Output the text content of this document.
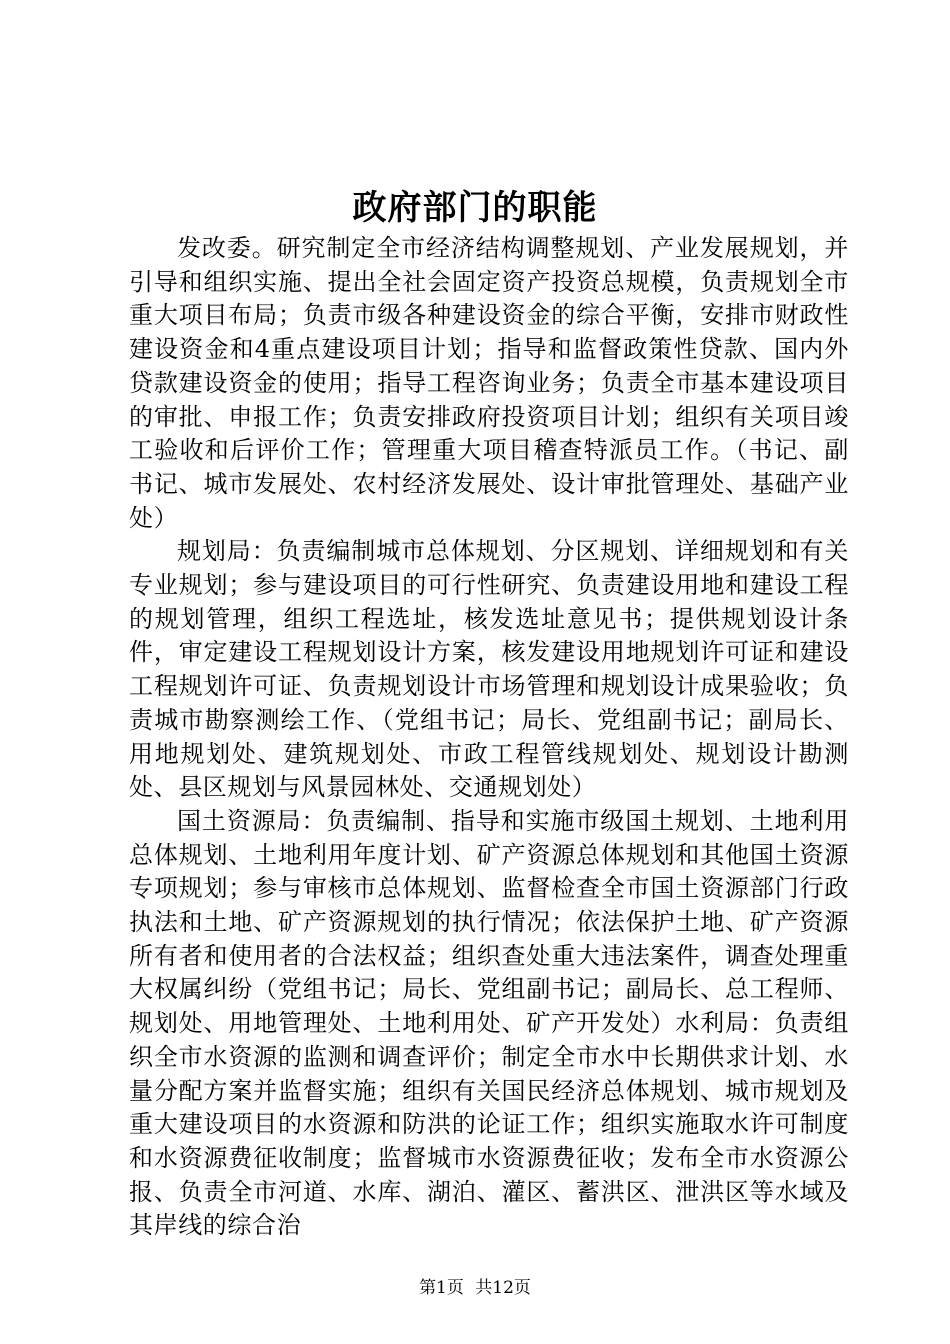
政府部门的职能

发改委。研究制定全市经济结构调整规划、产业发展规划，并引导和组织实施、提出全社会固定资产投资总规模，负责规划全市重大项目布局；负责市级各种建设资金的综合平衡，安排市财政性建设资金和4重点建设项目计划；指导和监督政策性贷款、国内外贷款建设资金的使用；指导工程咨询业务；负责全市基本建设项目的审批、申报工作；负责安排政府投资项目计划；组织有关项目竣工验收和后评价工作；管理重大项目稽查特派员工作。（书记、副书记、城市发展处、农村经济发展处、设计审批管理处、基础产业处）

规划局：负责编制城市总体规划、分区规划、详细规划和有关专业规划；参与建设项目的可行性研究、负责建设用地和建设工程的规划管理，组织工程选址，核发选址意见书；提供规划设计条件，审定建设工程规划设计方案，核发建设用地规划许可证和建设工程规划许可证、负责规划设计市场管理和规划设计成果验收；负责城市勘察测绘工作、（党组书记；局长、党组副书记；副局长、用地规划处、建筑规划处、市政工程管线规划处、规划设计勘测处、县区规划与风景园林处、交通规划处）

国土资源局：负责编制、指导和实施市级国土规划、土地利用总体规划、土地利用年度计划、矿产资源总体规划和其他国土资源专项规划；参与审核市总体规划、监督检查全市国土资源部门行政执法和土地、矿产资源规划的执行情况；依法保护土地、矿产资源所有者和使用者的合法权益；组织查处重大违法案件，调查处理重大权属纠纷（党组书记；局长、党组副书记；副局长、总工程师、规划处、用地管理处、土地利用处、矿产开发处）水利局：负责组织全市水资源的监测和调查评价；制定全市水中长期供求计划、水量分配方案并监督实施；组织有关国民经济总体规划、城市规划及重大建设项目的水资源和防洪的论证工作；组织实施取水许可制度和水资源费征收制度；监督城市水资源费征收；发布全市水资源公报、负责全市河道、水库、湖泊、灌区、蓄洪区、泄洪区等水域及其岸线的综合治

第1页 共12页
